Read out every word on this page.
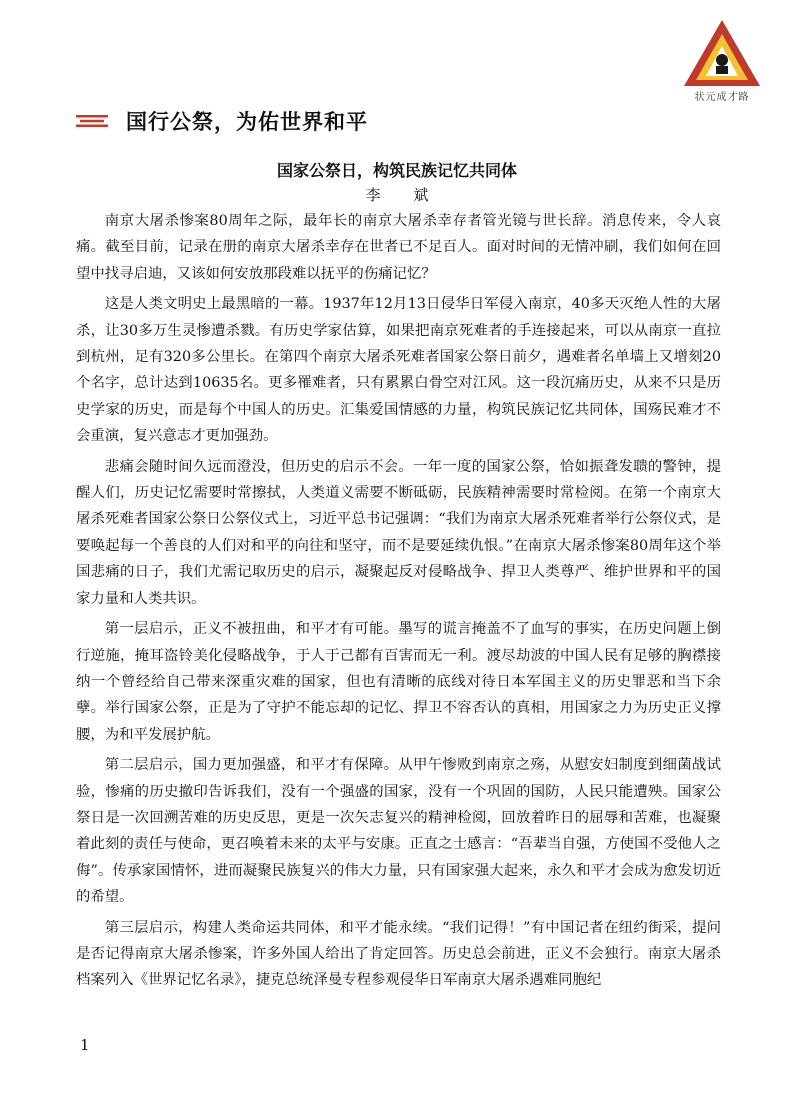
状元成才路
国行公祭，为佑世界和平
国家公祭日，构筑民族记忆共同体
李 斌

南京大屠杀惨案80周年之际，最年长的南京大屠杀幸存者管光镜与世长辞。消息传来，令人哀痛。截至目前，记录在册的南京大屠杀幸存在世者已不足百人。面对时间的无情冲刷，我们如何在回望中找寻启迪，又该如何安放那段难以抚平的伤痛记忆？

这是人类文明史上最黑暗的一幕。1937年12月13日侵华日军侵入南京，40多天灭绝人性的大屠杀，让30多万生灵惨遭杀戮。有历史学家估算，如果把南京死难者的手连接起来，可以从南京一直拉到杭州，足有320多公里长。在第四个南京大屠杀死难者国家公祭日前夕，遇难者名单墙上又增刻20个名字，总计达到10635名。更多罹难者，只有累累白骨空对江风。这一段沉痛历史，从来不只是历史学家的历史，而是每个中国人的历史。汇集爱国情感的力量，构筑民族记忆共同体，国殇民难才不会重演，复兴意志才更加强劲。

悲痛会随时间久远而澄没，但历史的启示不会。一年一度的国家公祭，恰如振聋发聩的警钟，提醒人们，历史记忆需要时常擦拭，人类道义需要不断砥砺，民族精神需要时常检阅。在第一个南京大屠杀死难者国家公祭日公祭仪式上，习近平总书记强调：“我们为南京大屠杀死难者举行公祭仪式，是要唤起每一个善良的人们对和平的向往和坚守，而不是要延续仇恨。”在南京大屠杀惨案80周年这个举国悲痛的日子，我们尤需记取历史的启示，凝聚起反对侵略战争、捍卫人类尊严、维护世界和平的国家力量和人类共识。

第一层启示，正义不被扭曲，和平才有可能。墨写的谎言掩盖不了血写的事实，在历史问题上倒行逆施，掩耳盗铃美化侵略战争，于人于己都有百害而无一利。渡尽劫波的中国人民有足够的胸襟接纳一个曾经给自己带来深重灾难的国家，但也有清晰的底线对待日本军国主义的历史罪恶和当下余孽。举行国家公祭，正是为了守护不能忘却的记忆、捍卫不容否认的真相，用国家之力为历史正义撑腰，为和平发展护航。

第二层启示，国力更加强盛，和平才有保障。从甲午惨败到南京之殇，从慰安妇制度到细菌战试验，惨痛的历史撤印告诉我们，没有一个强盛的国家，没有一个巩固的国防，人民只能遭殃。国家公祭日是一次回溯苦难的历史反思，更是一次矢志复兴的精神检阅，回放着昨日的屈辱和苦难，也凝聚着此刻的责任与使命，更召唤着未来的太平与安康。正直之士感言：“吾辈当自强，方使国不受他人之侮”。传承家国情怀，进而凝聚民族复兴的伟大力量，只有国家强大起来，永久和平才会成为愈发切近的希望。

第三层启示，构建人类命运共同体，和平才能永续。“我们记得！”有中国记者在纽约街采，提问是否记得南京大屠杀惨案，许多外国人给出了肯定回答。历史总会前进，正义不会独行。南京大屠杀档案列入《世界记忆名录》，捷克总统泽曼专程参观侵华日军南京大屠杀遇难同胞纪

1
